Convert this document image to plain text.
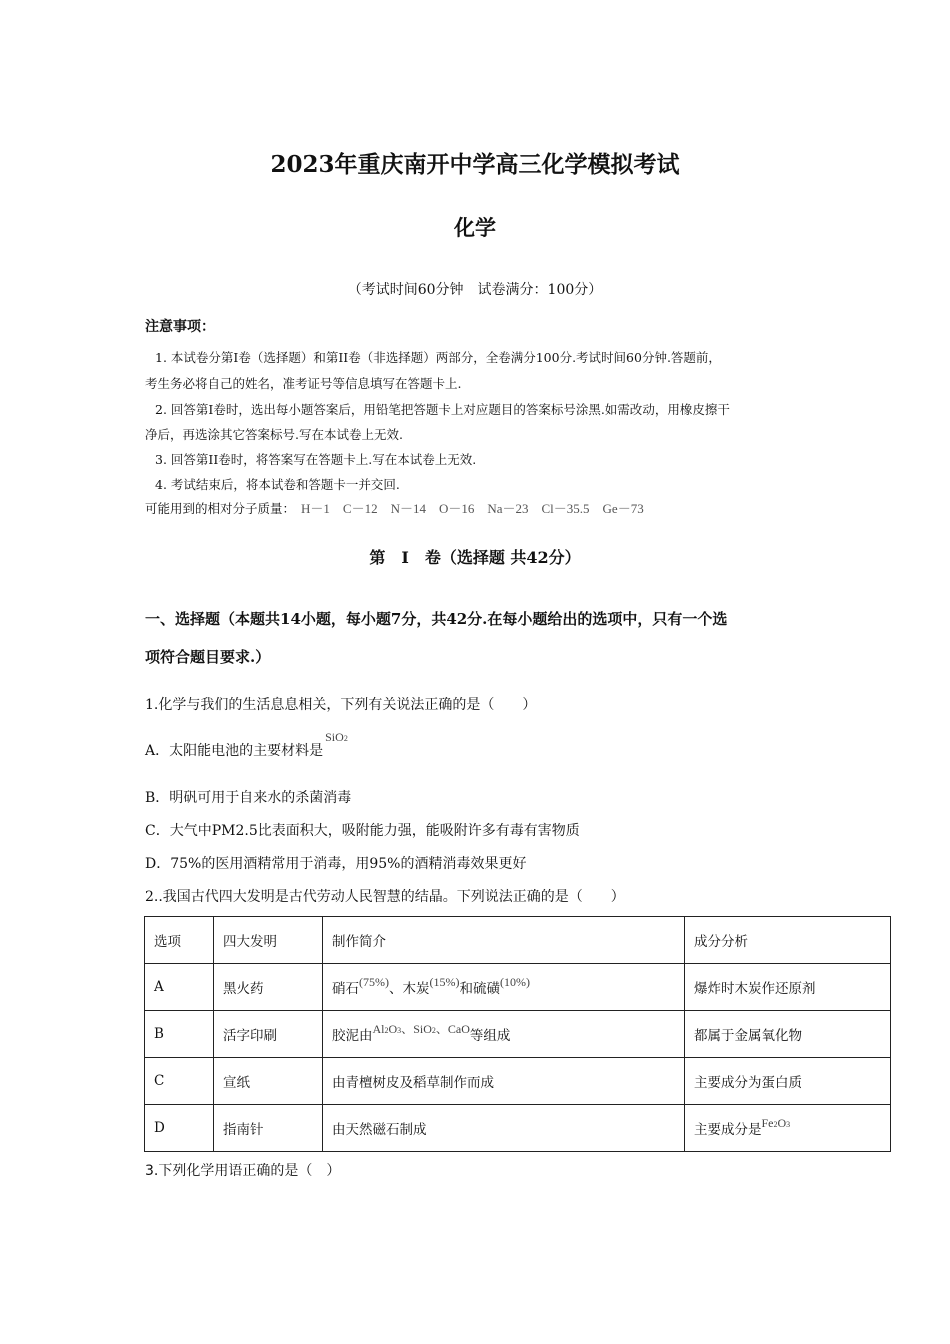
2023年重庆南开中学高三化学模拟考试
化学
（考试时间60分钟　试卷满分：100分）
注意事项：
1. 本试卷分第I卷（选择题）和第II卷（非选择题）两部分，全卷满分100分.考试时间60分钟.答题前，
考生务必将自己的姓名，准考证号等信息填写在答题卡上.
2. 回答第I卷时，选出每小题答案后，用铅笔把答题卡上对应题目的答案标号涂黑.如需改动，用橡皮擦干
净后，再选涂其它答案标号.写在本试卷上无效.
3. 回答第II卷时，将答案写在答题卡上.写在本试卷上无效.
4. 考试结束后，将本试卷和答题卡一并交回.
可能用到的相对分子质量： H－1　C－12　N－14　O－16　Na－23　Cl－35.5　Ge－73
第　Ⅰ　卷（选择题 共42分）
一、选择题（本题共14小题，每小题7分，共42分.在每小题给出的选项中，只有一个选
项符合题目要求.）
1.化学与我们的生活息息相关，下列有关说法正确的是（　　）
A．太阳能电池的主要材料是SiO2
B．明矾可用于自来水的杀菌消毒
C．大气中PM2.5比表面积大，吸附能力强，能吸附许多有毒有害物质
D．75%的医用酒精常用于消毒，用95%的酒精消毒效果更好
2..我国古代四大发明是古代劳动人民智慧的结晶。下列说法正确的是（　　）
选项	四大发明	制作简介	成分分析
A	黑火药	硝石(75%)、木炭(15%)和硫磺(10%)	爆炸时木炭作还原剂
B	活字印刷	胶泥由Al2O3、SiO2、CaO等组成	都属于金属氧化物
C	宣纸	由青檀树皮及稻草制作而成	主要成分为蛋白质
D	指南针	由天然磁石制成	主要成分是Fe2O3
3.下列化学用语正确的是（　）
